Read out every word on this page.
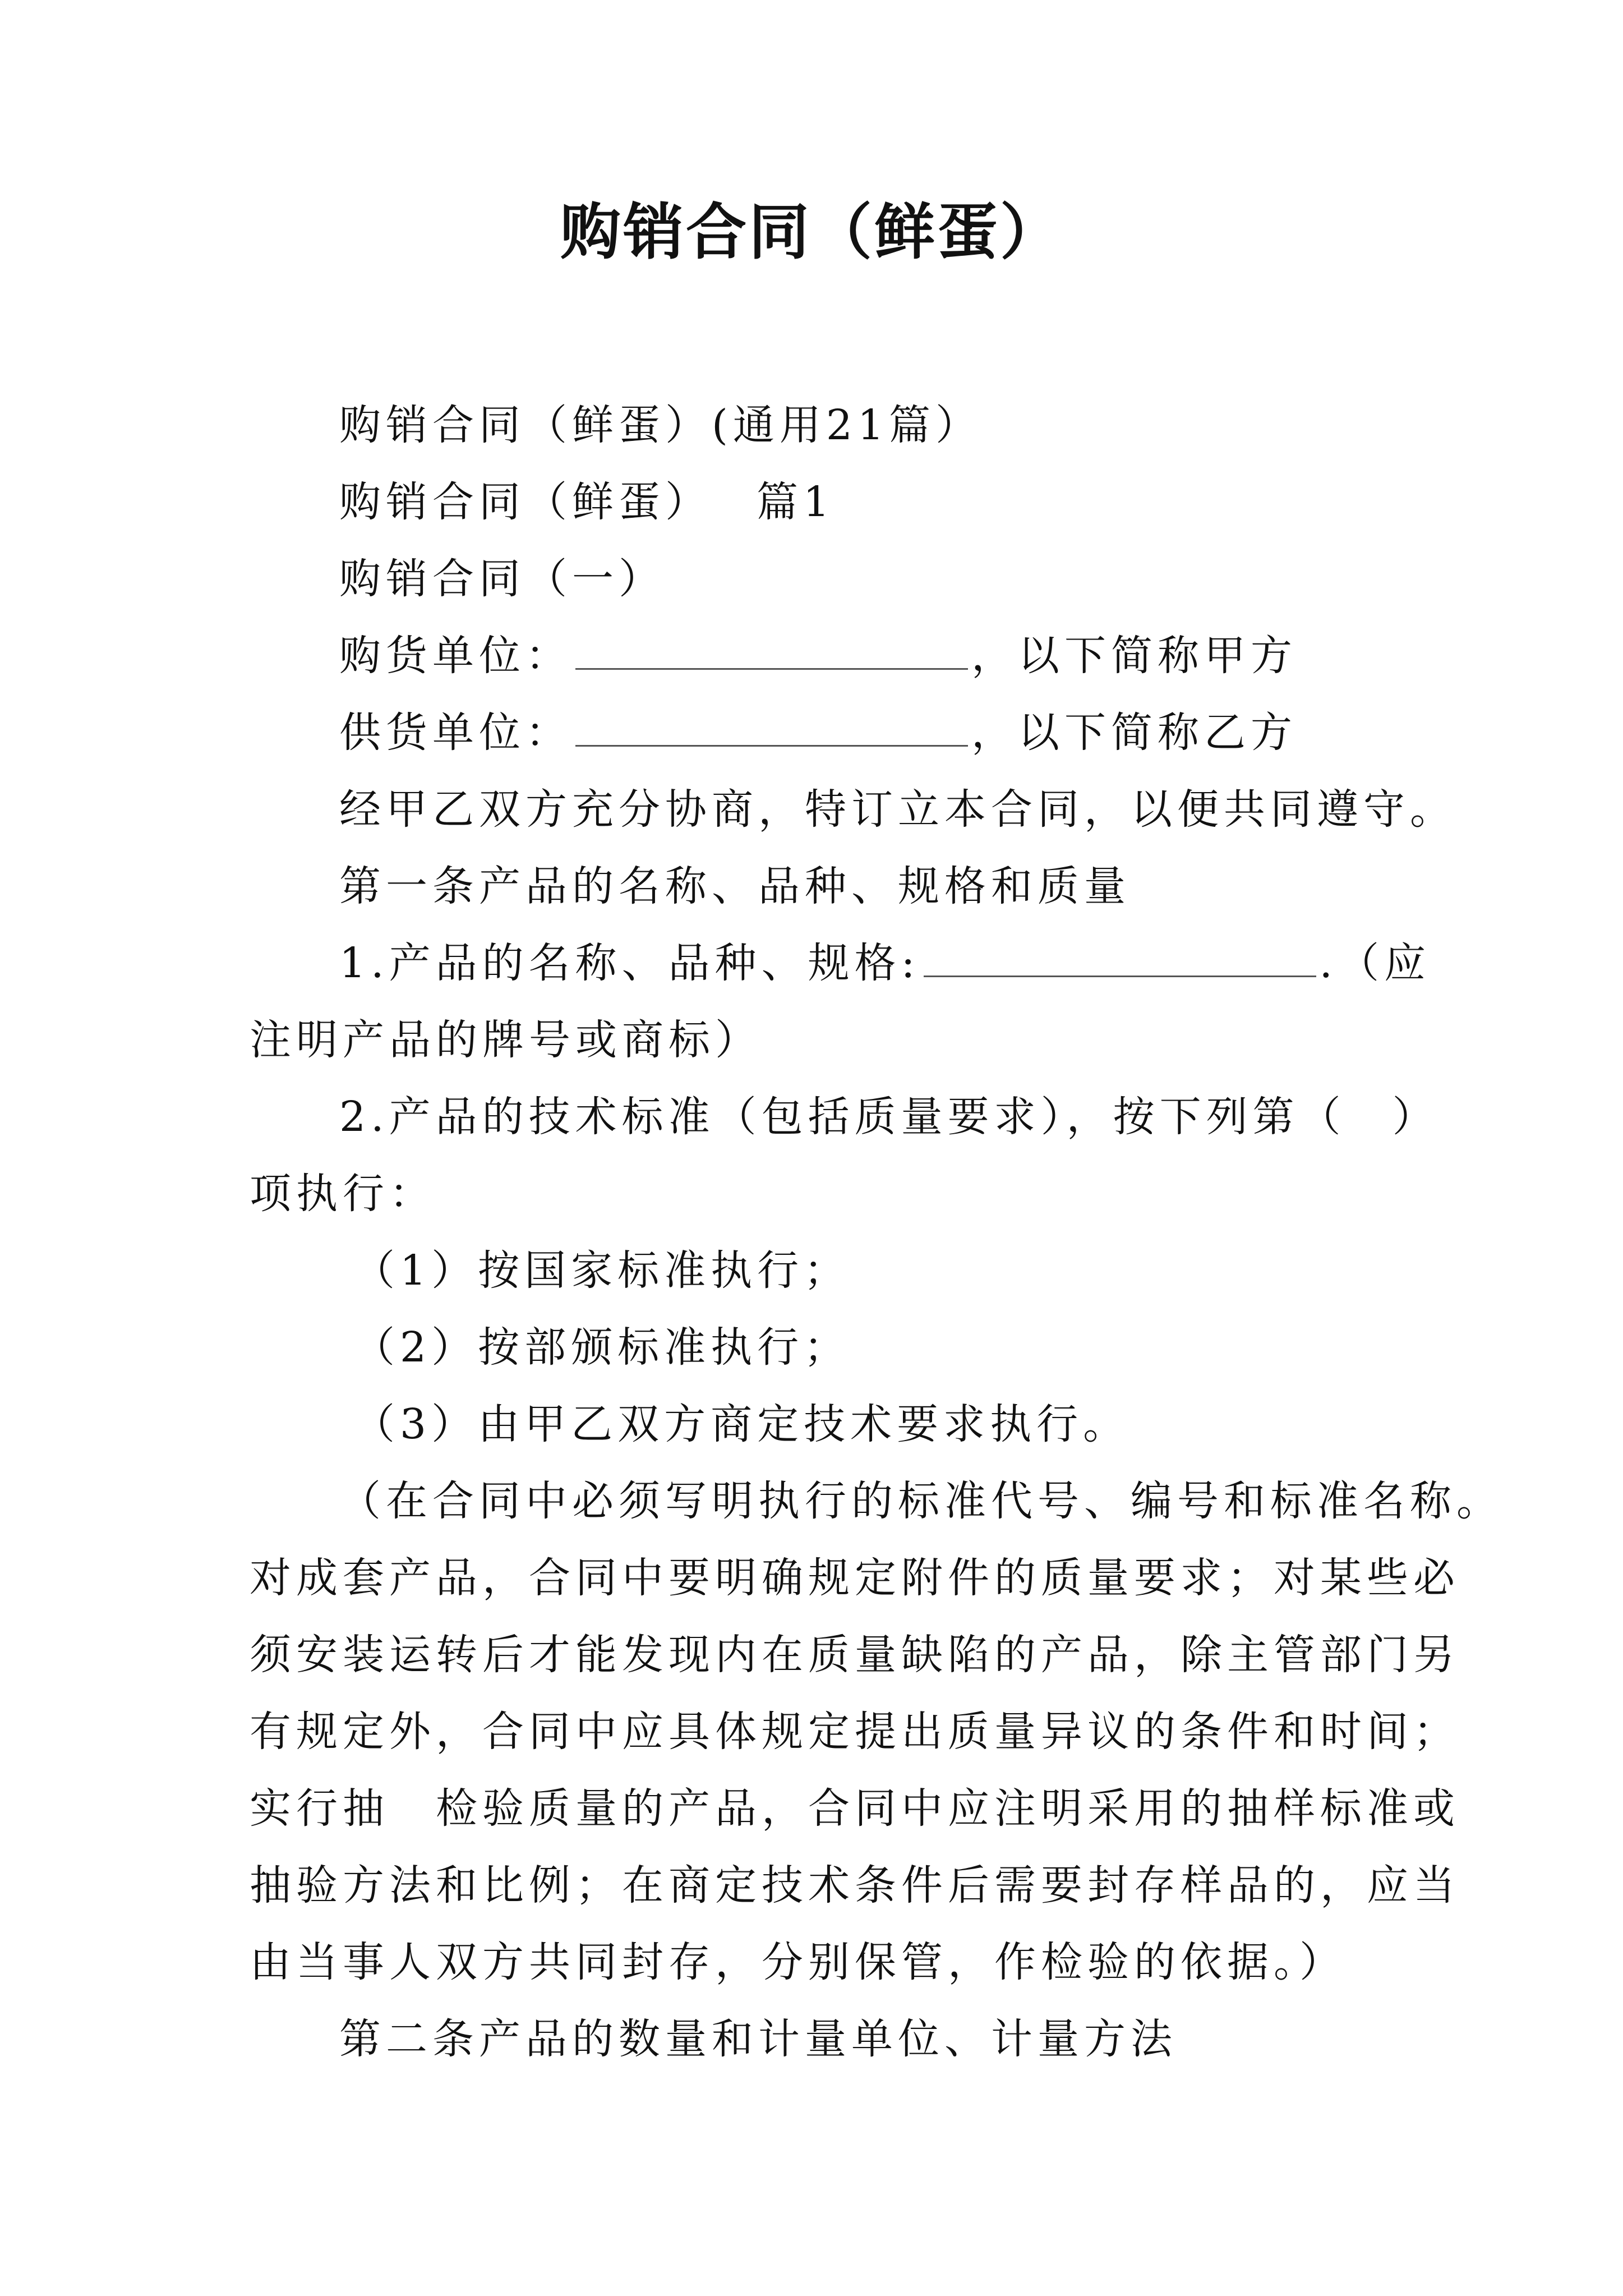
购销合同（鲜蛋）

购销合同（鲜蛋）(通用21篇）

购销合同（鲜蛋） 篇1

购销合同（一）

购货单位：	，以下简称甲方

供货单位：	，以下简称乙方

经甲乙双方充分协商，特订立本合同，以便共同遵守。

第一条产品的名称、品种、规格和质量

1.产品的名称、品种、规格:	.（应

注明产品的牌号或商标）

2.产品的技术标准（包括质量要求），按下列第（　）

项执行：

（1）按国家标准执行；

（2）按部颁标准执行；

（3）由甲乙双方商定技术要求执行。

（在合同中必须写明执行的标准代号、编号和标准名称。

对成套产品，合同中要明确规定附件的质量要求；对某些必

须安装运转后才能发现内在质量缺陷的产品，除主管部门另

有规定外，合同中应具体规定提出质量异议的条件和时间；

实行抽　检验质量的产品，合同中应注明采用的抽样标准或

抽验方法和比例；在商定技术条件后需要封存样品的，应当

由当事人双方共同封存，分别保管，作检验的依据。）

第二条产品的数量和计量单位、计量方法
